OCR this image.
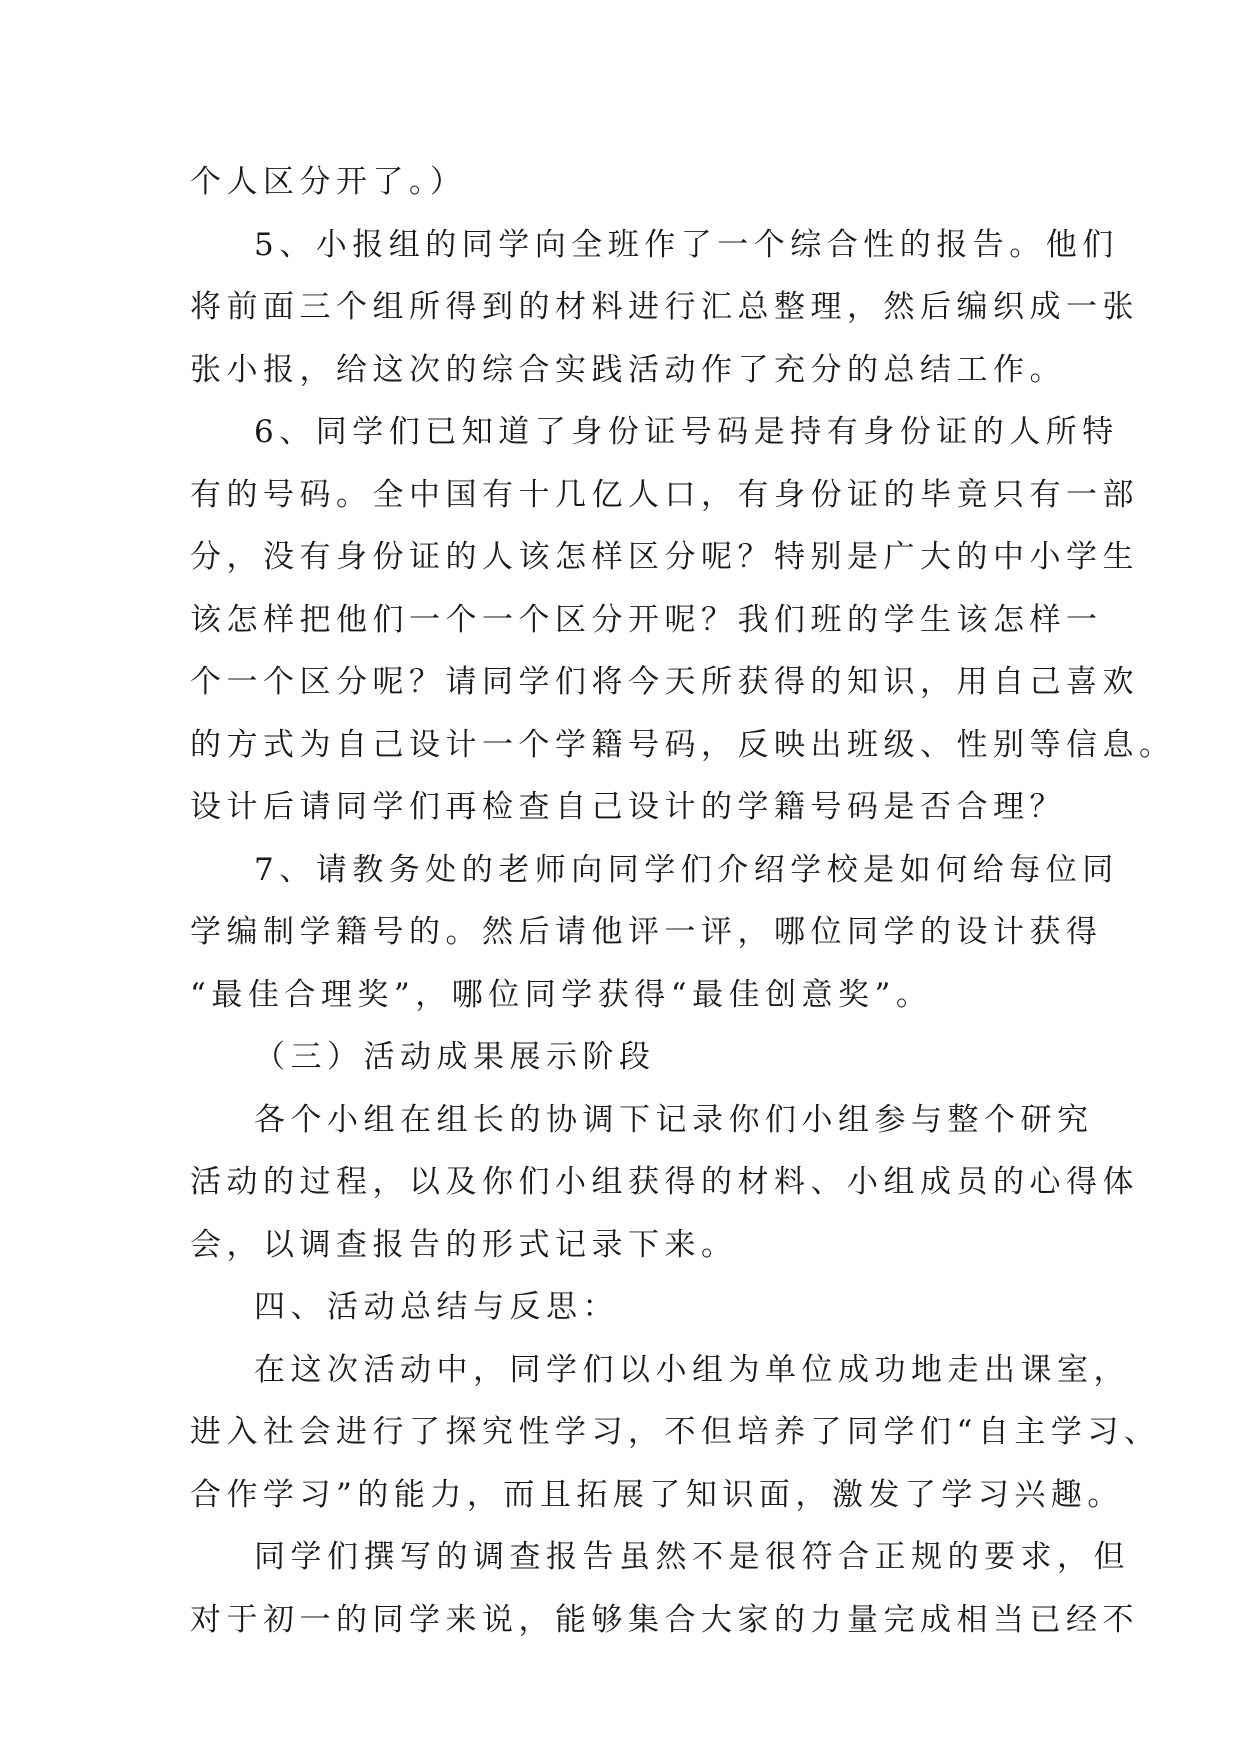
个人区分开了。）
5、小报组的同学向全班作了一个综合性的报告。他们
将前面三个组所得到的材料进行汇总整理，然后编织成一张
张小报，给这次的综合实践活动作了充分的总结工作。
6、同学们已知道了身份证号码是持有身份证的人所特
有的号码。全中国有十几亿人口，有身份证的毕竟只有一部
分，没有身份证的人该怎样区分呢？特别是广大的中小学生
该怎样把他们一个一个区分开呢？我们班的学生该怎样一
个一个区分呢？请同学们将今天所获得的知识，用自己喜欢
的方式为自己设计一个学籍号码，反映出班级、性别等信息。
设计后请同学们再检查自己设计的学籍号码是否合理？
7、请教务处的老师向同学们介绍学校是如何给每位同
学编制学籍号的。然后请他评一评，哪位同学的设计获得
“最佳合理奖”，哪位同学获得“最佳创意奖”。
（三）活动成果展示阶段
各个小组在组长的协调下记录你们小组参与整个研究
活动的过程，以及你们小组获得的材料、小组成员的心得体
会，以调查报告的形式记录下来。
四、活动总结与反思：
在这次活动中，同学们以小组为单位成功地走出课室，
进入社会进行了探究性学习，不但培养了同学们“自主学习、
合作学习”的能力，而且拓展了知识面，激发了学习兴趣。
同学们撰写的调查报告虽然不是很符合正规的要求，但
对于初一的同学来说，能够集合大家的力量完成相当已经不
